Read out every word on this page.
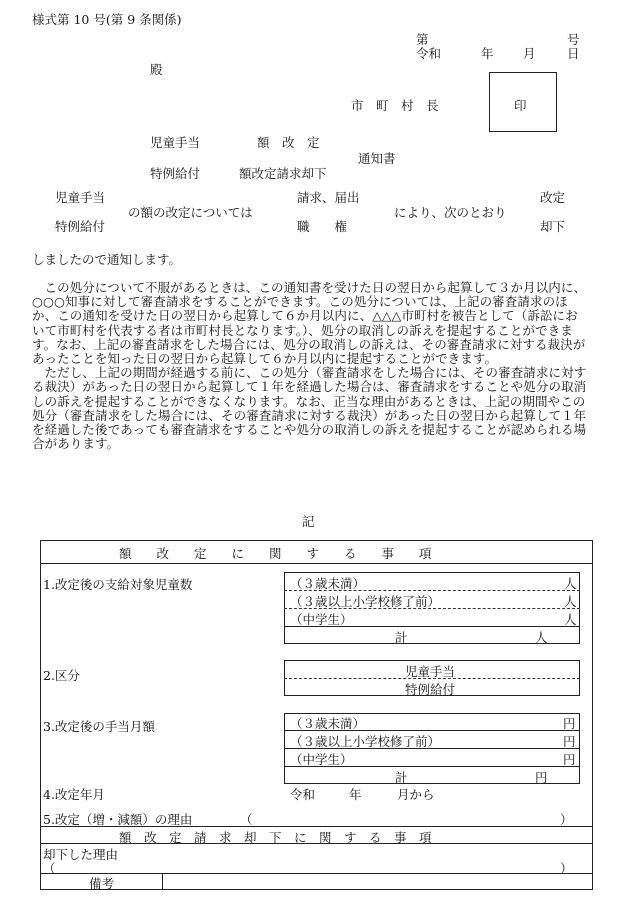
様式第 10 号(第 9 条関係)
第	号
令和	年 月	日
殿
市　町　村　長	印
児童手当	額　改　定
通知書
特例給付	額改定請求却下
児童手当
特例給付
の額の改定については
請求、届出
職　　権
により、次のとおり
改定
却下
しましたので通知します。

この処分について不服があるときは、この通知書を受けた日の翌日から起算して３か月以内に、○○○知事に対して審査請求をすることができます。この処分については、上記の審査請求のほか、この通知を受けた日の翌日から起算して６か月以内に、△△△市町村を被告として（訴訟において市町村を代表する者は市町村長となります。）、処分の取消しの訴えを提起することができます。なお、上記の審査請求をした場合には、処分の取消しの訴えは、その審査請求に対する裁決があったことを知った日の翌日から起算して６か月以内に提起することができます。

ただし、上記の期間が経過する前に、この処分（審査請求をした場合には、その審査請求に対する裁決）があった日の翌日から起算して１年を経過した場合は、審査請求をすることや処分の取消しの訴えを提起することができなくなります。なお、正当な理由があるときは、上記の期間やこの処分（審査請求をした場合には、その審査請求に対する裁決）があった日の翌日から起算して１年を経過した後であっても審査請求をすることや処分の取消しの訴えを提起することが認められる場合があります。

記
額　　改　　定　　に　　関　　す　　る　　事　　項
1.改定後の支給対象児童数	（３歳未満）	人
（３歳以上小学校修了前）	人
（中学生）	人
計	人
2.区分	児童手当
特例給付
3.改定後の手当月額	（３歳未満）	円
（３歳以上小学校修了前）	円
（中学生）	円
計	円
4.改定年月	令和	年	月から
5.改定（増・減額）の理由	（	）
額　改　定　請　求　却　下　に　関　す　る　事　項
却下した理由
（	）
備考
